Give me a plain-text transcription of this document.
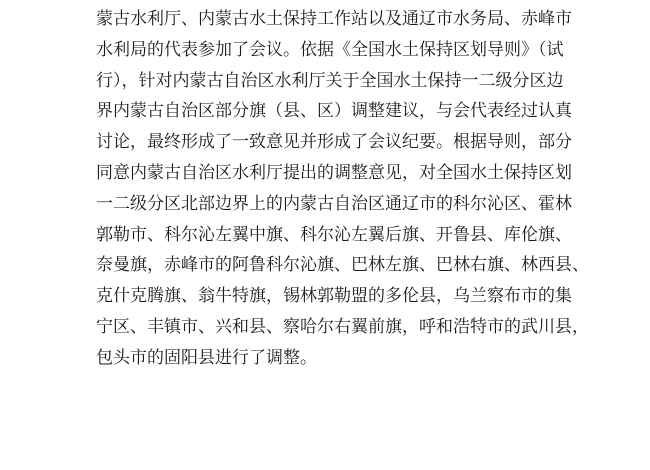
蒙古水利厅、内蒙古水土保持工作站以及通辽市水务局、赤峰市
水利局的代表参加了会议。依据《全国水土保持区划导则》（试
行），针对内蒙古自治区水利厅关于全国水土保持一二级分区边
界内蒙古自治区部分旗（县、区）调整建议，与会代表经过认真
讨论，最终形成了一致意见并形成了会议纪要。根据导则，部分
同意内蒙古自治区水利厅提出的调整意见，对全国水土保持区划
一二级分区北部边界上的内蒙古自治区通辽市的科尔沁区、霍林
郭勒市、科尔沁左翼中旗、科尔沁左翼后旗、开鲁县、库伦旗、
奈曼旗，赤峰市的阿鲁科尔沁旗、巴林左旗、巴林右旗、林西县、
克什克腾旗、翁牛特旗，锡林郭勒盟的多伦县，乌兰察布市的集
宁区、丰镇市、兴和县、察哈尔右翼前旗，呼和浩特市的武川县，
包头市的固阳县进行了调整。
